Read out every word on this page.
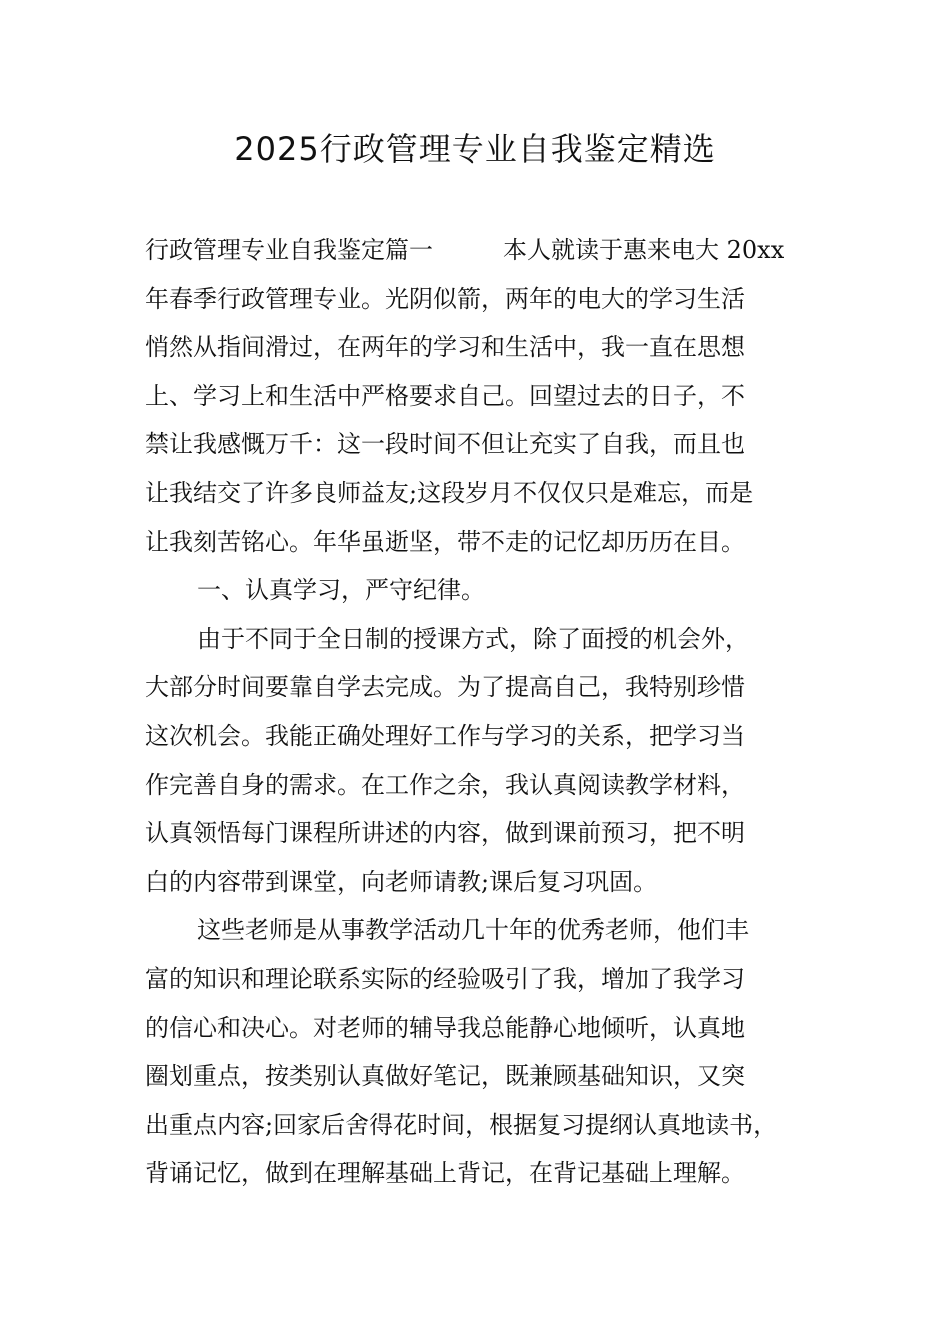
2025行政管理专业自我鉴定精选
行政管理专业自我鉴定篇一	本人就读于惠来电大 20xx
年春季行政管理专业。光阴似箭，两年的电大的学习生活
悄然从指间滑过，在两年的学习和生活中，我一直在思想
上、学习上和生活中严格要求自己。回望过去的日子，不
禁让我感慨万千：这一段时间不但让充实了自我，而且也
让我结交了许多良师益友;这段岁月不仅仅只是难忘，而是
让我刻苦铭心。年华虽逝坚，带不走的记忆却历历在目。
一、认真学习，严守纪律。
由于不同于全日制的授课方式，除了面授的机会外，
大部分时间要靠自学去完成。为了提高自己，我特别珍惜
这次机会。我能正确处理好工作与学习的关系，把学习当
作完善自身的需求。在工作之余，我认真阅读教学材料，
认真领悟每门课程所讲述的内容，做到课前预习，把不明
白的内容带到课堂，向老师请教;课后复习巩固。
这些老师是从事教学活动几十年的优秀老师，他们丰
富的知识和理论联系实际的经验吸引了我，增加了我学习
的信心和决心。对老师的辅导我总能静心地倾听，认真地
圈划重点，按类别认真做好笔记，既兼顾基础知识，又突
出重点内容;回家后舍得花时间，根据复习提纲认真地读书，
背诵记忆，做到在理解基础上背记，在背记基础上理解。
